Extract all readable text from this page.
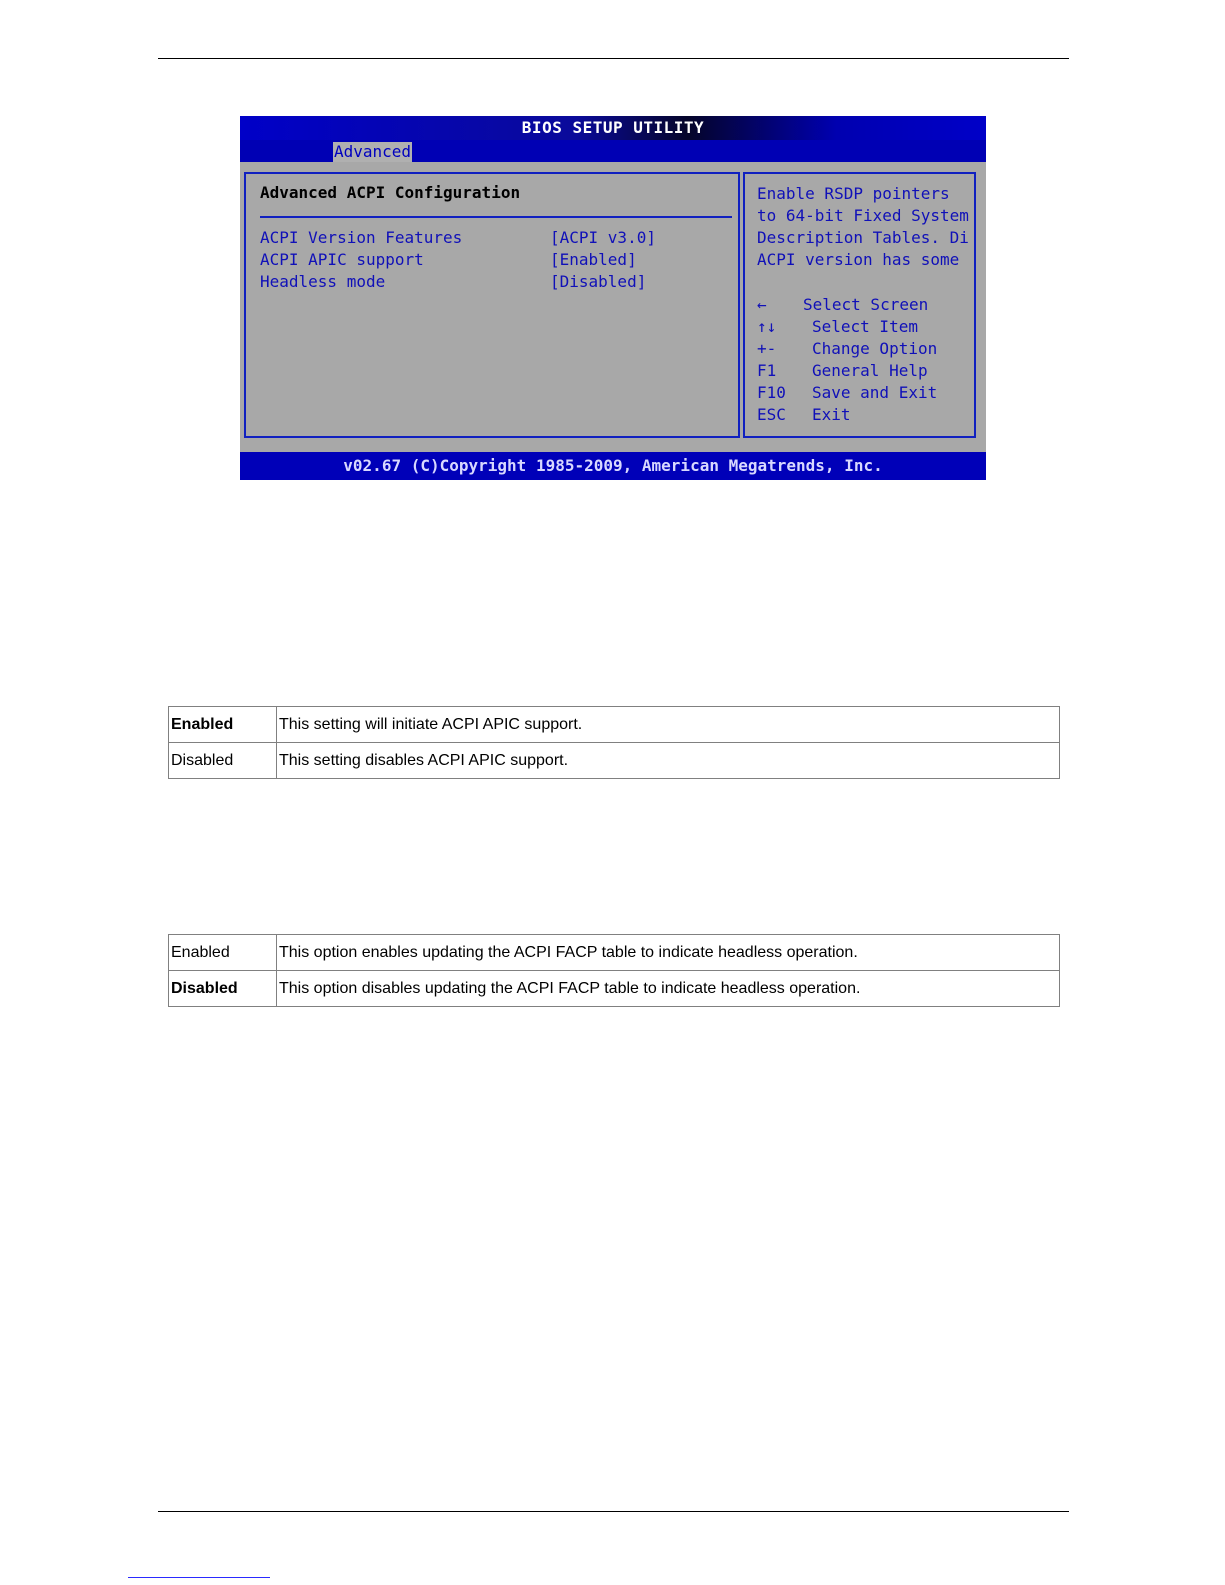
BIOS SETUP UTILITY
Advanced
Advanced ACPI Configuration
ACPI Version Features	[ACPI v3.0]
ACPI APIC support	[Enabled]
Headless mode	[Disabled]
Enable RSDP pointers
to 64-bit Fixed System
Description Tables. Di
ACPI version has some
← Select Screen
↑↓ Select Item
+- Change Option
F1 General Help
F10 Save and Exit
ESC Exit
v02.67 (C)Copyright 1985-2009, American Megatrends, Inc.
Enabled	This setting will initiate ACPI APIC support.
Disabled	This setting disables ACPI APIC support.
Enabled	This option enables updating the ACPI FACP table to indicate headless operation.
Disabled	This option disables updating the ACPI FACP table to indicate headless operation.
